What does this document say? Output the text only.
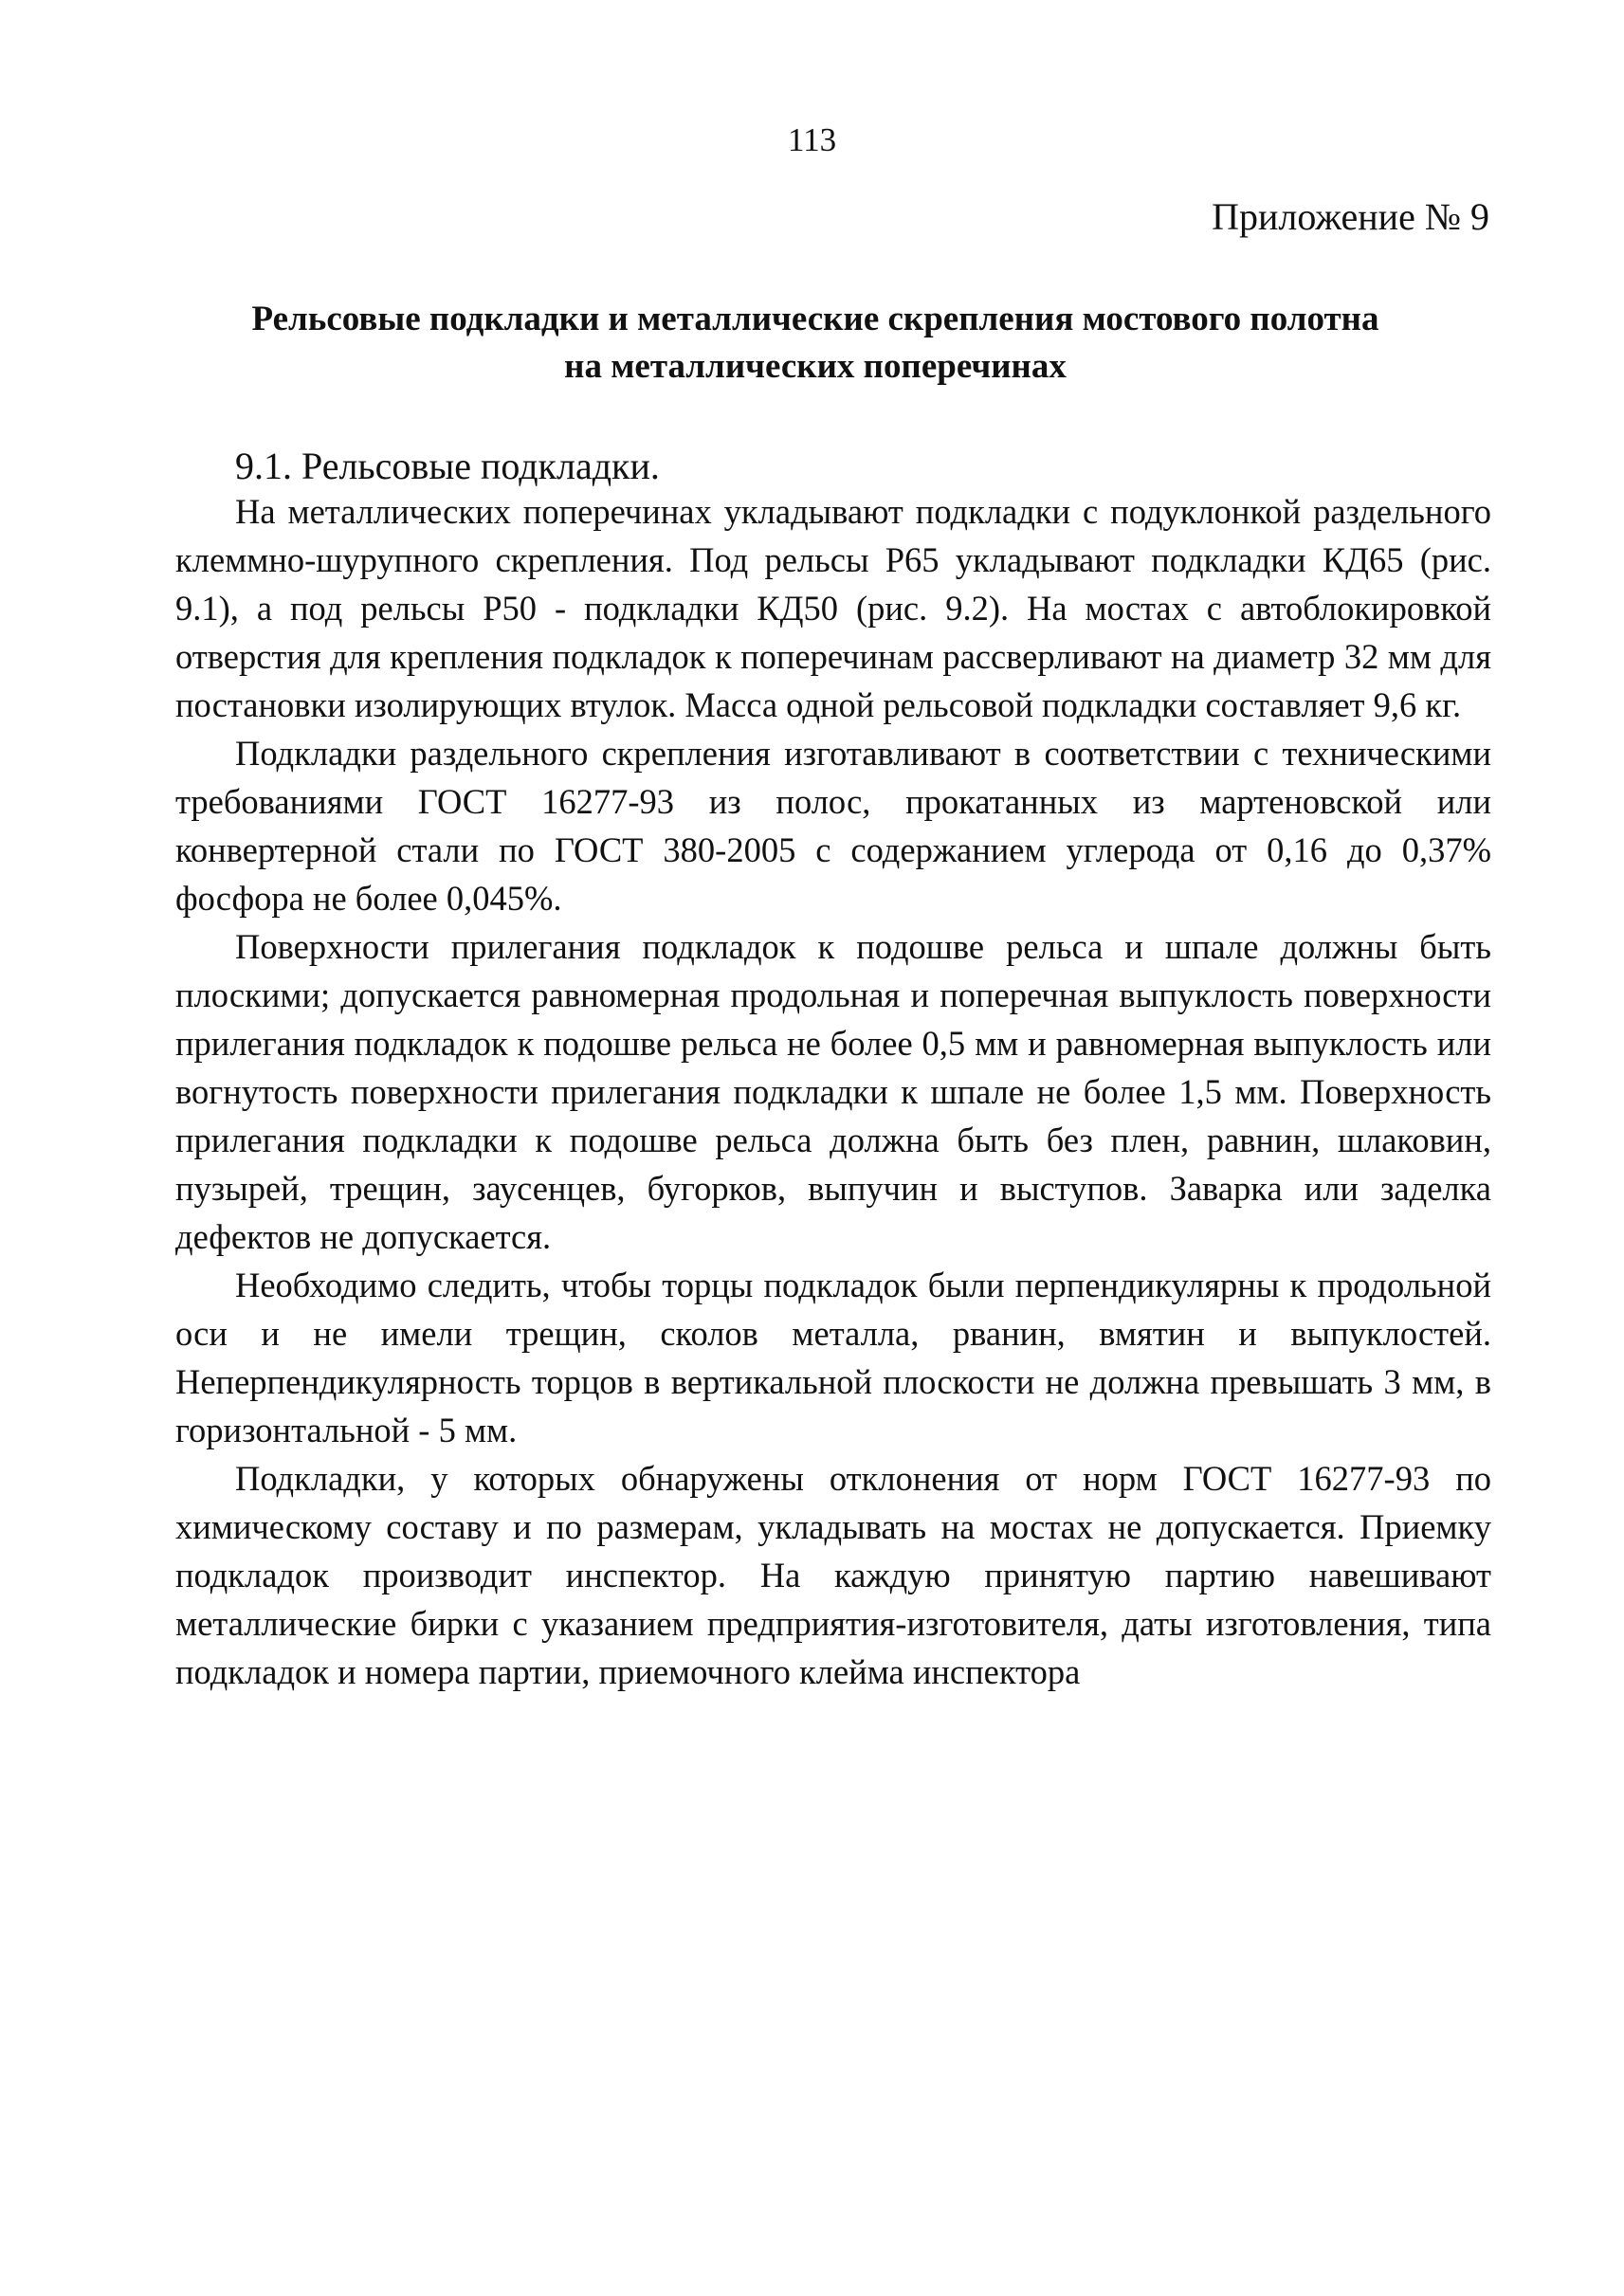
113
Приложение № 9
Рельсовые подкладки и металлические скрепления мостового полотна
на металлических поперечинах
9.1. Рельсовые подкладки.

На металлических поперечинах укладывают подкладки с подуклонкой раздельного клеммно-шурупного скрепления. Под рельсы Р65 укладывают подкладки КД65 (рис. 9.1), а под рельсы Р50 - подкладки КД50 (рис. 9.2). На мостах с автоблокировкой отверстия для крепления подкладок к поперечинам рассверливают на диаметр 32 мм для постановки изолирующих втулок. Масса одной рельсовой подкладки составляет 9,6 кг.

Подкладки раздельного скрепления изготавливают в соответствии с техническими требованиями ГОСТ 16277-93 из полос, прокатанных из мартеновской или конвертерной стали по ГОСТ 380-2005 с содержанием углерода от 0,16 до 0,37% фосфора не более 0,045%.

Поверхности прилегания подкладок к подошве рельса и шпале должны быть плоскими; допускается равномерная продольная и поперечная выпуклость поверхности прилегания подкладок к подошве рельса не более 0,5 мм и равномерная выпуклость или вогнутость поверхности прилегания подкладки к шпале не более 1,5 мм. Поверхность прилегания подкладки к подошве рельса должна быть без плен, равнин, шлаковин, пузырей, трещин, заусенцев, бугорков, выпучин и выступов. Заварка или заделка дефектов не допускается.

Необходимо следить, чтобы торцы подкладок были перпендикулярны к продольной оси и не имели трещин, сколов металла, рванин, вмятин и выпуклостей. Неперпендикулярность торцов в вертикальной плоскости не должна превышать 3 мм, в горизонтальной - 5 мм.

Подкладки, у которых обнаружены отклонения от норм ГОСТ 16277-93 по химическому составу и по размерам, укладывать на мостах не допускается. Приемку подкладок производит инспектор. На каждую принятую партию навешивают металлические бирки с указанием предприятия-изготовителя, даты изготовления, типа подкладок и номера партии, приемочного клейма инспектора
